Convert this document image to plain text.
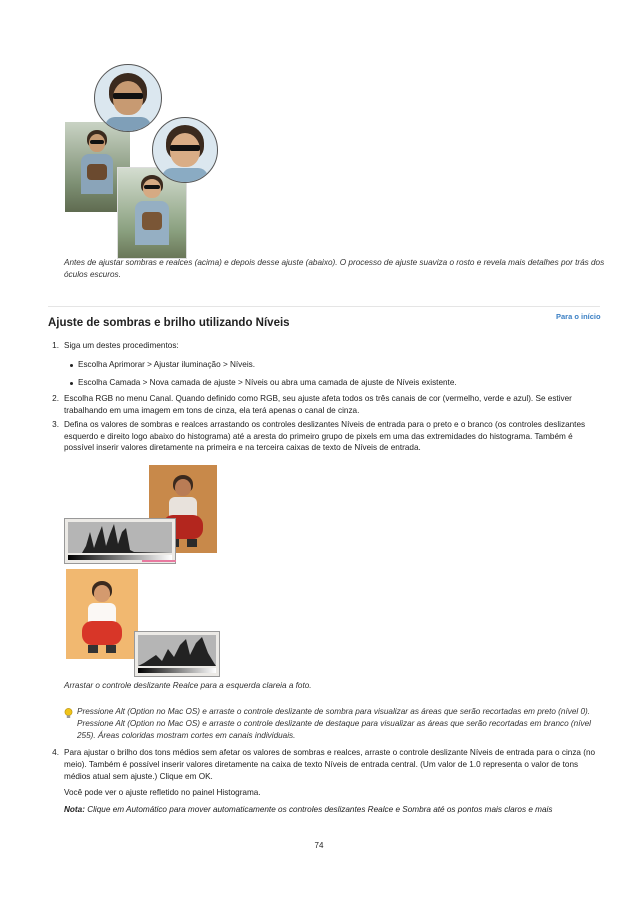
Antes de ajustar sombras e realces (acima) e depois desse ajuste (abaixo). O processo de ajuste suaviza o rosto e revela mais detalhes por trás dos óculos escuros.
Para o início
Ajuste de sombras e brilho utilizando Níveis
1. Siga um destes procedimentos:
Escolha Aprimorar > Ajustar iluminação > Níveis.
Escolha Camada > Nova camada de ajuste > Níveis ou abra uma camada de ajuste de Níveis existente.
2. Escolha RGB no menu Canal. Quando definido como RGB, seu ajuste afeta todos os três canais de cor (vermelho, verde e azul). Se estiver trabalhando em uma imagem em tons de cinza, ela terá apenas o canal de cinza.
3. Defina os valores de sombras e realces arrastando os controles deslizantes Níveis de entrada para o preto e o branco (os controles deslizantes esquerdo e direito logo abaixo do histograma) até a aresta do primeiro grupo de pixels em uma das extremidades do histograma. Também é possível inserir valores diretamente na primeira e na terceira caixas de texto de Níveis de entrada.
Arrastar o controle deslizante Realce para a esquerda clareia a foto.
Pressione Alt (Option no Mac OS) e arraste o controle deslizante de sombra para visualizar as áreas que serão recortadas em preto (nível 0). Pressione Alt (Option no Mac OS) e arraste o controle deslizante de destaque para visualizar as áreas que serão recortadas em branco (nível 255). Áreas coloridas mostram cortes em canais individuais.
4. Para ajustar o brilho dos tons médios sem afetar os valores de sombras e realces, arraste o controle deslizante Níveis de entrada para o cinza (no meio). Também é possível inserir valores diretamente na caixa de texto Níveis de entrada central. (Um valor de 1.0 representa o valor de tons médios atual sem ajuste.) Clique em OK.
Você pode ver o ajuste refletido no painel Histograma.
Nota: Clique em Automático para mover automaticamente os controles deslizantes Realce e Sombra até os pontos mais claros e mais
74
